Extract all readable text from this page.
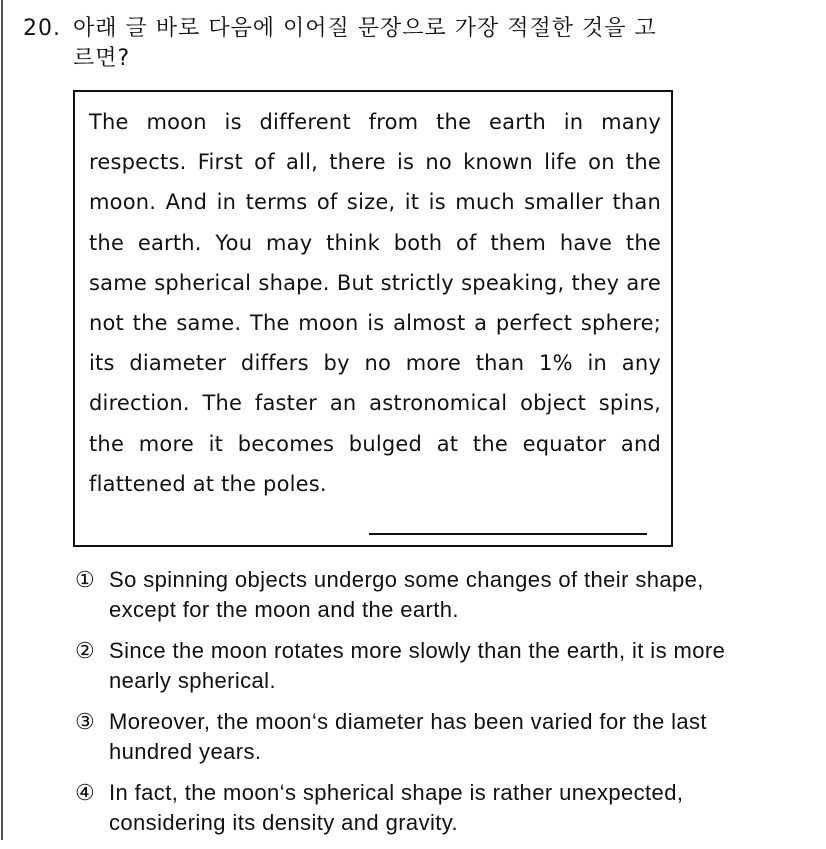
20. 아래 글 바로 다음에 이어질 문장으로 가장 적절한 것을 고
르면?
The moon is different from the earth in many respects. First of all, there is no known life on the moon. And in terms of size, it is much smaller than the earth. You may think both of them have the same spherical shape. But strictly speaking, they are not the same. The moon is almost a perfect sphere; its diameter differs by no more than 1% in any direction. The faster an astronomical object spins, the more it becomes bulged at the equator and flattened at the poles.
① So spinning objects undergo some changes of their shape, except for the moon and the earth.
② Since the moon rotates more slowly than the earth, it is more nearly spherical.
③ Moreover, the moon‘s diameter has been varied for the last hundred years.
④ In fact, the moon‘s spherical shape is rather unexpected, considering its density and gravity.
